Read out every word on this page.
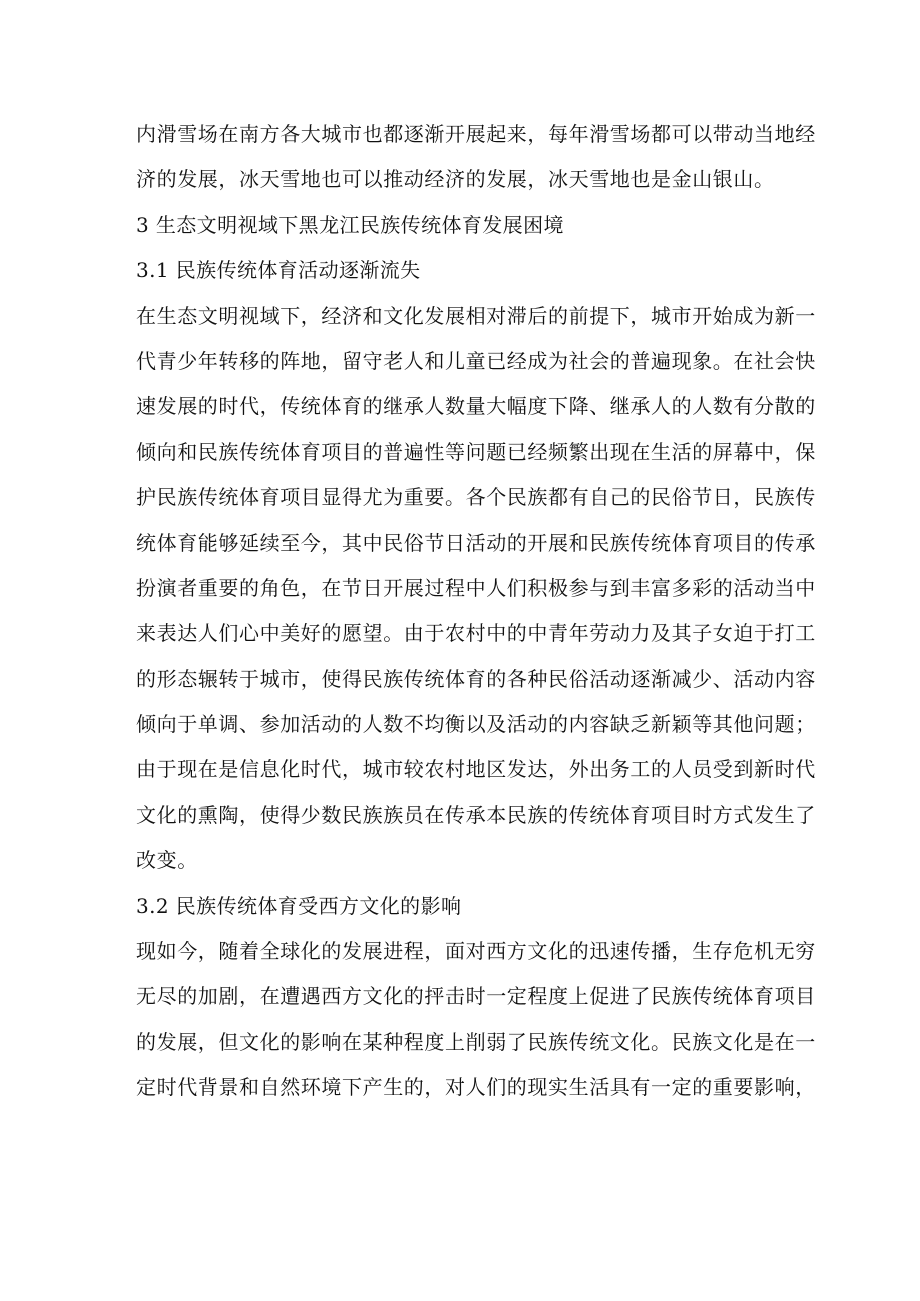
内滑雪场在南方各大城市也都逐渐开展起来，每年滑雪场都可以带动当地经
济的发展，冰天雪地也可以推动经济的发展，冰天雪地也是金山银山。
3 生态文明视域下黑龙江民族传统体育发展困境
3.1 民族传统体育活动逐渐流失
在生态文明视域下，经济和文化发展相对滞后的前提下，城市开始成为新一
代青少年转移的阵地，留守老人和儿童已经成为社会的普遍现象。在社会快
速发展的时代，传统体育的继承人数量大幅度下降、继承人的人数有分散的
倾向和民族传统体育项目的普遍性等问题已经频繁出现在生活的屏幕中，保
护民族传统体育项目显得尤为重要。各个民族都有自己的民俗节日，民族传
统体育能够延续至今，其中民俗节日活动的开展和民族传统体育项目的传承
扮演者重要的角色，在节日开展过程中人们积极参与到丰富多彩的活动当中
来表达人们心中美好的愿望。由于农村中的中青年劳动力及其子女迫于打工
的形态辗转于城市，使得民族传统体育的各种民俗活动逐渐减少、活动内容
倾向于单调、参加活动的人数不均衡以及活动的内容缺乏新颖等其他问题；
由于现在是信息化时代，城市较农村地区发达，外出务工的人员受到新时代
文化的熏陶，使得少数民族族员在传承本民族的传统体育项目时方式发生了
改变。
3.2 民族传统体育受西方文化的影响
现如今，随着全球化的发展进程，面对西方文化的迅速传播，生存危机无穷
无尽的加剧，在遭遇西方文化的抨击时一定程度上促进了民族传统体育项目
的发展，但文化的影响在某种程度上削弱了民族传统文化。民族文化是在一
定时代背景和自然环境下产生的，对人们的现实生活具有一定的重要影响，
